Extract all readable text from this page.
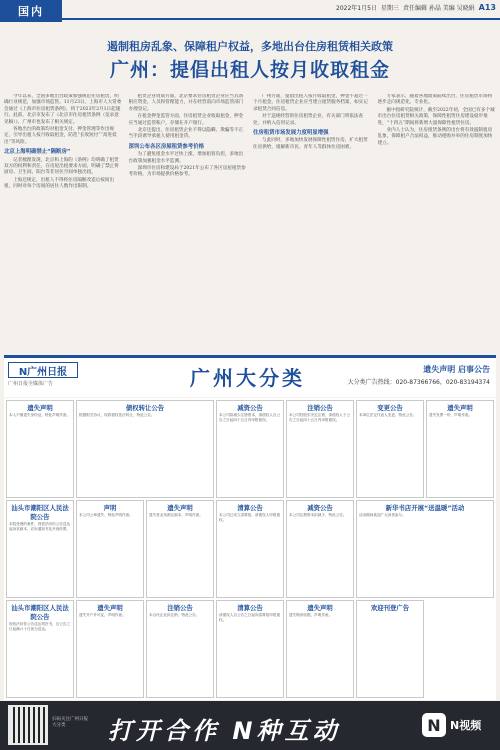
国内	2022年1月5日 星期三 责任编辑 孙晶 美编 吴晓娟 A13
遏制租房乱象、保障租户权益，多地出台住房租赁相关政策
广州：提倡出租人按月收取租金

今年以来，全国多地出台政策加强规范住房租赁，明确行业规范，加强市场监管。11月23日，上海市人大常委会通过《上海市住房租赁条例》，将于2023年2月1日起施行。此前，北京市发布了《北京市住房租赁条例（征求意见稿）》，广州市也发布了相关规定。

各地出台的政策均对租金支付、押金管理等作出规定，引导出租人按月收取租金，防范“长收短付”“高进低出”等风险。

北京上海明确禁止“隔断房”

记者梳理发现，北京和上海的《条例》均明确了租赁双方的权利和责任，在房屋出租要求方面，明确了禁止将厨房、卫生间、阳台等非居住空间单独出租。

上海还规定，出租人不得将住房隔断改造后按间出租，同时对每个房间的居住人数作出限制。

租赁企业资质方面，北京要求住房租赁企业应当具备相应资金、人员和管理能力，并在经营前向市场监管部门办理登记。

在租金押金监管方面，住房租赁企业收取租金、押金应当通过监管账户，存储在开户银行。

北京还提出，住房租赁企业不得以隐瞒、欺骗等不正当手段诱导承租人使用租金贷。

深圳公布各区房屋租赁参考价格

为了避免租金水平过快上涨，增加租客负担，多地出台政策加强租金水平监测。

深圳市住房和建设局于2021年公布了各区房屋租赁参考价格，为市场提供价格参考。

广州方面，提倡出租人按月收取租金，押金不超过一个月租金。住房租赁企业应当建立租赁服务档案，如实记录租赁合同信息。

对于违规经营的住房租赁企业，有关部门将依法查处，并纳入信用记录。

住房租赁市场发展力度明显增强

与此同时，多地加快发展保障性租赁住房，扩大租赁住房供给，缓解新市民、青年人等群体住房困难。

专家表示，随着各地政策陆续出台，住房租赁市场将逐步走向规范化、专业化。

据中指研究院统计，截至2022年初，全国已有多个城市出台住房租赁相关政策，保障性租赁住房建设稳步推进，“十四五”期间将新增大量保障性租赁住房。

业内人士认为，住房租赁条例的出台将有效遏制租房乱象，保障租户合法权益，推动租购并举的住房制度加快建立。

N广州日报
广州日报全媒体广告	广州大分类	遗失声明 启事公告
大分类广告热线：020-87366766，020-83194374
遗失声明
本人不慎遗失身份证，特此声明作废。
债权转让公告
根据相关协议，现将债权依法转让，特此公告。
减资公告
本公司拟减少注册资本，请债权人自公告之日起四十五日内申报债权。
注销公告
本公司经股东决定注销，请债权人于公告之日起四十五日内申报债权。
变更公告
本单位法定代表人变更，特此公告。
遗失声明
遗失发票一份，声明作废。
汕头市潮阳区人民法院公告
本院受理的案件，现依法向你公告送达起诉状副本、应诉通知书及开庭传票。
声明
本公司公章遗失，特此声明作废。
遗失声明
遗失营业执照正副本，声明作废。
清算公告
本公司已成立清算组，请债权人申报债权。
减资公告
本公司注册资本拟减少，特此公告。
新华书店开展“送温暖”活动
活动期间欢迎广大读者参与。
汕头市潮阳区人民法院公告
现依法向你公告送达判决书，自公告之日起满六十日视为送达。
遗失声明
遗失开户许可证，声明作废。
注销公告
本合伙企业拟注销，特此公告。
清算公告
请债权人自公告之日起向清算组申报债权。
遗失声明
遗失购房收据，声明作废。
欢迎刊登广告
扫码关注广州日报大分类	打开合作 N种互动	N N视频
